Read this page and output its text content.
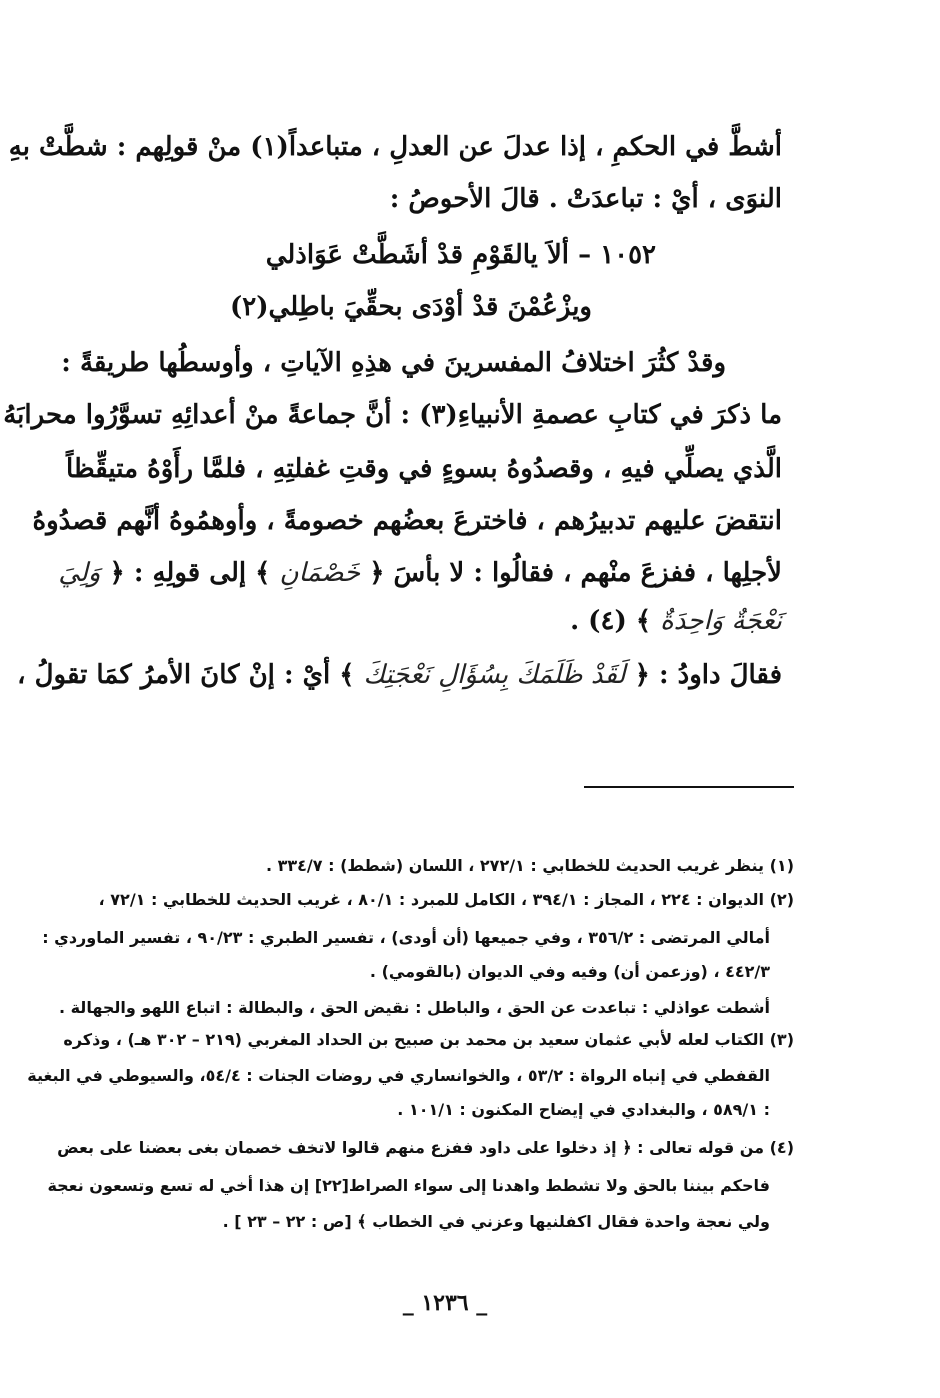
أشطَّ في الحكمِ ، إذا عدلَ عن العدلِ ، متباعداً(١) منْ قولِهم : شطَّتْ بهِ
النوَى ، أيْ : تباعدَتْ . قالَ الأحوصُ :
١٠٥٢ – ألاَ يالقَوْمِ قدْ أشَطَّتْ عَوَاذلي
ويزْعُمْنَ قدْ أوْدَى بحقِّيَ باطِلي(٢)
وقدْ كثُرَ اختلافُ المفسرينَ في هذِهِ الآياتِ ، وأوسطُها طريقةً :
ما ذكرَ في كتابِ عصمةِ الأنبياءِ(٣) : أنَّ جماعةً منْ أعدائِهِ تسوَّرُوا محرابَهُ
الَّذي يصلِّي فيهِ ، وقصدُوهُ بسوءٍ في وقتِ غفلتِهِ ، فلمَّا رأَوْهُ متيقِّظاً
انتقضَ عليهم تدبيرُهم ، فاخترعَ بعضُهم خصومةً ، وأوهمُوهُ أنَّهم قصدُوهُ
لأجلِها ، ففزعَ منْهم ، فقالُوا : لا بأسَ ﴿ خَصْمَانِ ﴾ إلى قولِهِ : ﴿ وَلِيَ
نَعْجَةٌ وَاحِدَةٌ ﴾ (٤) .
فقالَ داودُ : ﴿ لَقَدْ ظَلَمَكَ بِسُؤَالِ نَعْجَتِكَ ﴾ أيْ : إنْ كانَ الأمرُ كمَا تقولُ ،
(١) ينظر غريب الحديث للخطابي : ٢٧٢/١ ، اللسان (شطط) : ٣٣٤/٧ .
(٢) الديوان : ٢٢٤ ، المجاز : ٣٩٤/١ ، الكامل للمبرد : ٨٠/١ ، غريب الحديث للخطابي : ٧٢/١ ،
أمالي المرتضى : ٣٥٦/٢ ، وفي جميعها (أن أودى) ، تفسير الطبري : ٩٠/٢٣ ، تفسير الماوردي :
٤٤٢/٣ ، (وزعمن أن) وفيه وفي الديوان (بالقومي) .
أشطت عواذلي : تباعدت عن الحق ، والباطل : نقيض الحق ، والبطالة : اتباع اللهو والجهالة .
(٣) الكتاب لعله لأبي عثمان سعيد بن محمد بن صبيح بن الحداد المغربي (٢١٩ – ٣٠٢ هـ) ، وذكره
القفطي في إنباه الرواة : ٥٣/٢ ، والخوانساري في روضات الجنات : ٥٤/٤، والسيوطي في البغية
: ٥٨٩/١ ، والبغدادي في إيضاح المكنون : ١٠١/١ .
(٤) من قوله تعالى : ﴿ إذ دخلوا على داود ففزع منهم قالوا لاتخف خصمان بغى بعضنا على بعض
فاحكم بيننا بالحق ولا تشطط واهدنا إلى سواء الصراط[٢٢] إن هذا أخي له تسع وتسعون نعجة
ولي نعجة واحدة فقال اكفلنيها وعزني في الخطاب ﴾ [ص : ٢٢ – ٢٣ ] .
_ ١٢٣٦ _
